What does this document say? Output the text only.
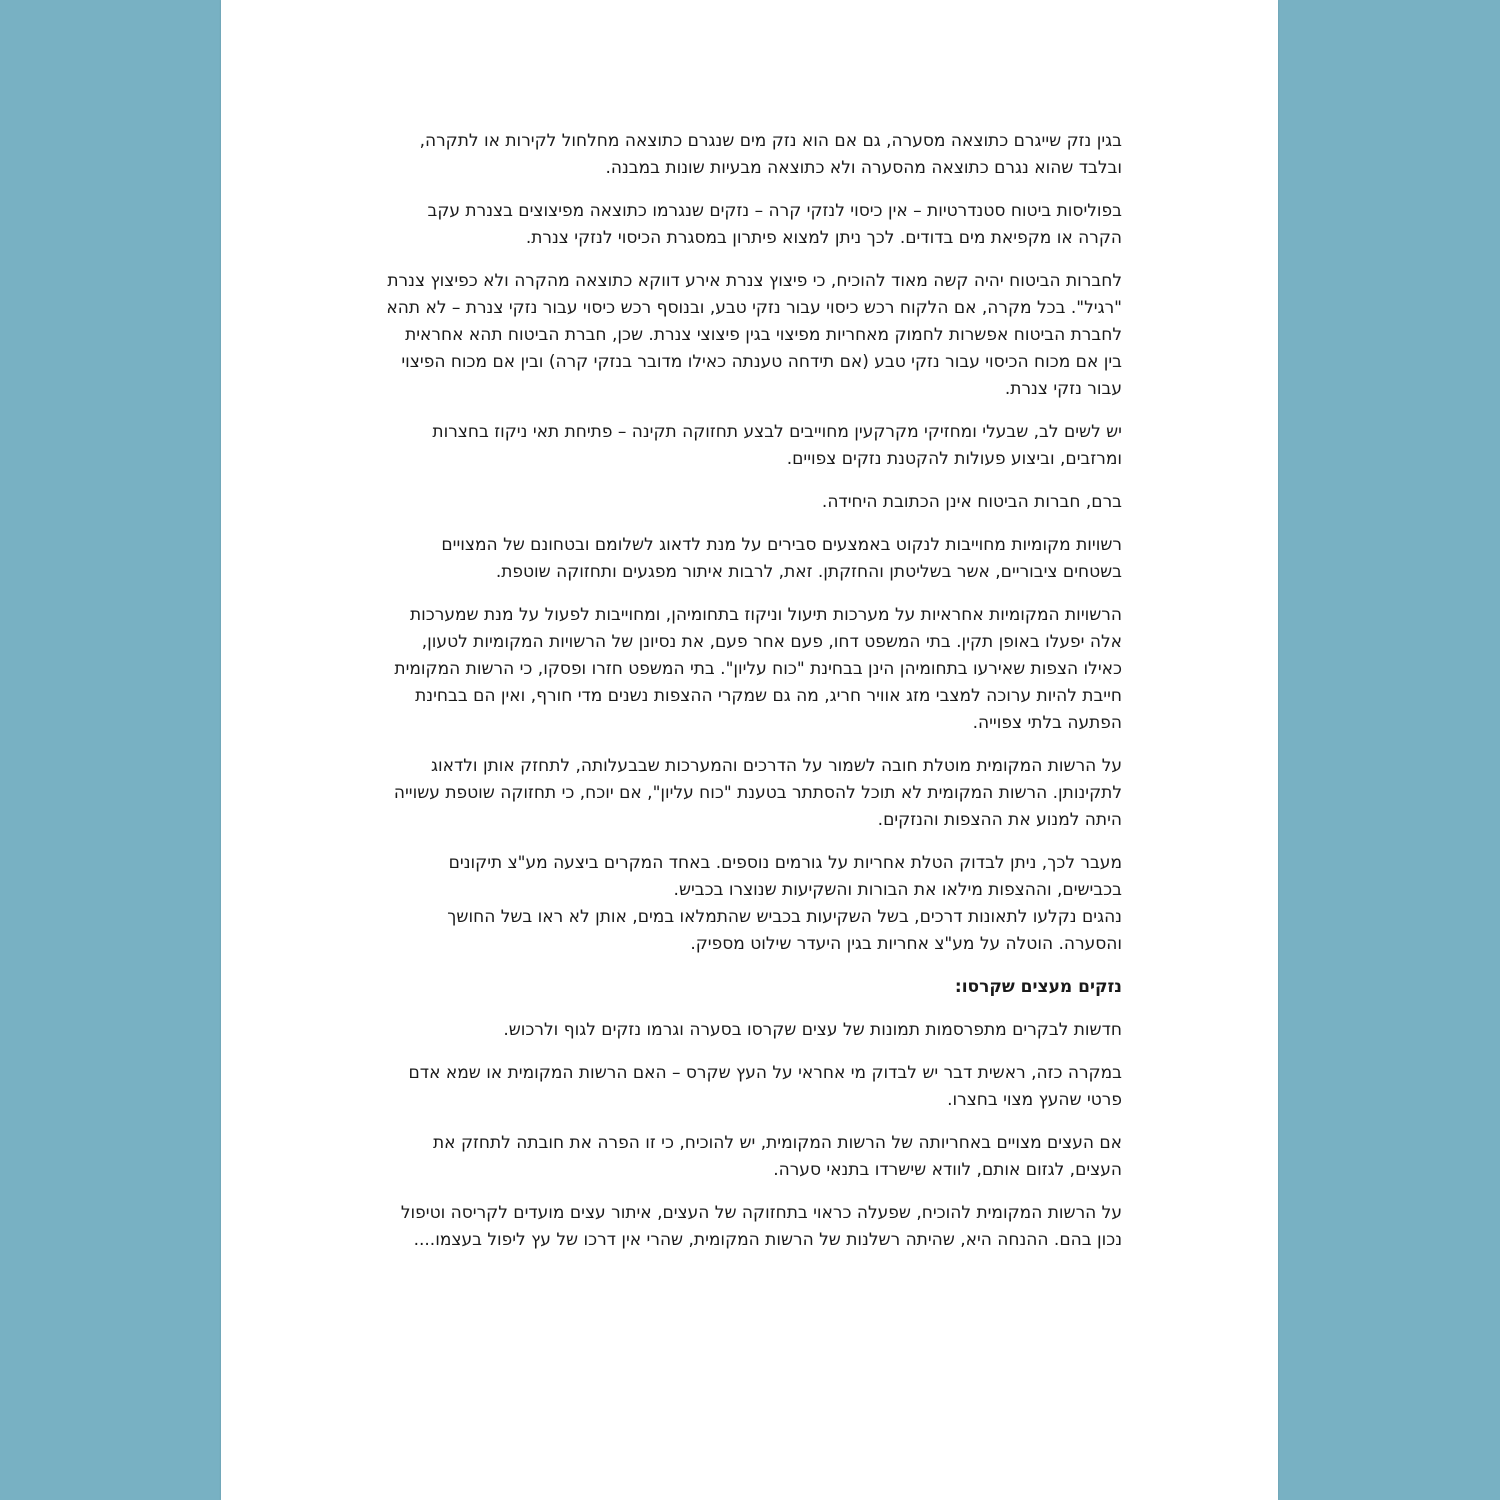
בגין נזק שייגרם כתוצאה מסערה, גם אם הוא נזק מים שנגרם כתוצאה מחלחול לקירות או לתקרה, ובלבד שהוא נגרם כתוצאה מהסערה ולא כתוצאה מבעיות שונות במבנה.

בפוליסות ביטוח סטנדרטיות – אין כיסוי לנזקי קרה – נזקים שנגרמו כתוצאה מפיצוצים בצנרת עקב הקרה או מקפיאת מים בדודים. לכך ניתן למצוא פיתרון במסגרת הכיסוי לנזקי צנרת.

לחברות הביטוח יהיה קשה מאוד להוכיח, כי פיצוץ צנרת אירע דווקא כתוצאה מהקרה ולא כפיצוץ צנרת "רגיל". בכל מקרה, אם הלקוח רכש כיסוי עבור נזקי טבע, ובנוסף רכש כיסוי עבור נזקי צנרת – לא תהא לחברת הביטוח אפשרות לחמוק מאחריות מפיצוי בגין פיצוצי צנרת. שכן, חברת הביטוח תהא אחראית בין אם מכוח הכיסוי עבור נזקי טבע (אם תידחה טענתה כאילו מדובר בנזקי קרה) ובין אם מכוח הפיצוי עבור נזקי צנרת.

יש לשים לב, שבעלי ומחזיקי מקרקעין מחוייבים לבצע תחזוקה תקינה – פתיחת תאי ניקוז בחצרות ומרזבים, וביצוע פעולות להקטנת נזקים צפויים.

ברם, חברות הביטוח אינן הכתובת היחידה.

רשויות מקומיות מחוייבות לנקוט באמצעים סבירים על מנת לדאוג לשלומם ובטחונם של המצויים בשטחים ציבוריים, אשר בשליטתן והחזקתן. זאת, לרבות איתור מפגעים ותחזוקה שוטפת.

הרשויות המקומיות אחראיות על מערכות תיעול וניקוז בתחומיהן, ומחוייבות לפעול על מנת שמערכות אלה יפעלו באופן תקין. בתי המשפט דחו, פעם אחר פעם, את נסיונן של הרשויות המקומיות לטעון, כאילו הצפות שאירעו בתחומיהן הינן בבחינת "כוח עליון". בתי המשפט חזרו ופסקו, כי הרשות המקומית חייבת להיות ערוכה למצבי מזג אוויר חריג, מה גם שמקרי ההצפות נשנים מדי חורף, ואין הם בבחינת הפתעה בלתי צפוייה.

על הרשות המקומית מוטלת חובה לשמור על הדרכים והמערכות שבבעלותה, לתחזק אותן ולדאוג לתקינותן. הרשות המקומית לא תוכל להסתתר בטענת "כוח עליון", אם יוכח, כי תחזוקה שוטפת עשוייה היתה למנוע את ההצפות והנזקים.

מעבר לכך, ניתן לבדוק הטלת אחריות על גורמים נוספים. באחד המקרים ביצעה מע"צ תיקונים בכבישים, וההצפות מילאו את הבורות והשקיעות שנוצרו בכביש.
נהגים נקלעו לתאונות דרכים, בשל השקיעות בכביש שהתמלאו במים, אותן לא ראו בשל החושך והסערה. הוטלה על מע"צ אחריות בגין היעדר שילוט מספיק.

נזקים מעצים שקרסו:

חדשות לבקרים מתפרסמות תמונות של עצים שקרסו בסערה וגרמו נזקים לגוף ולרכוש.

במקרה כזה, ראשית דבר יש לבדוק מי אחראי על העץ שקרס – האם הרשות המקומית או שמא אדם פרטי שהעץ מצוי בחצרו.

אם העצים מצויים באחריותה של הרשות המקומית, יש להוכיח, כי זו הפרה את חובתה לתחזק את העצים, לגזום אותם, לוודא שישרדו בתנאי סערה.

על הרשות המקומית להוכיח, שפעלה כראוי בתחזוקה של העצים, איתור עצים מועדים לקריסה וטיפול נכון בהם. ההנחה היא, שהיתה רשלנות של הרשות המקומית, שהרי אין דרכו של עץ ליפול בעצמו....
